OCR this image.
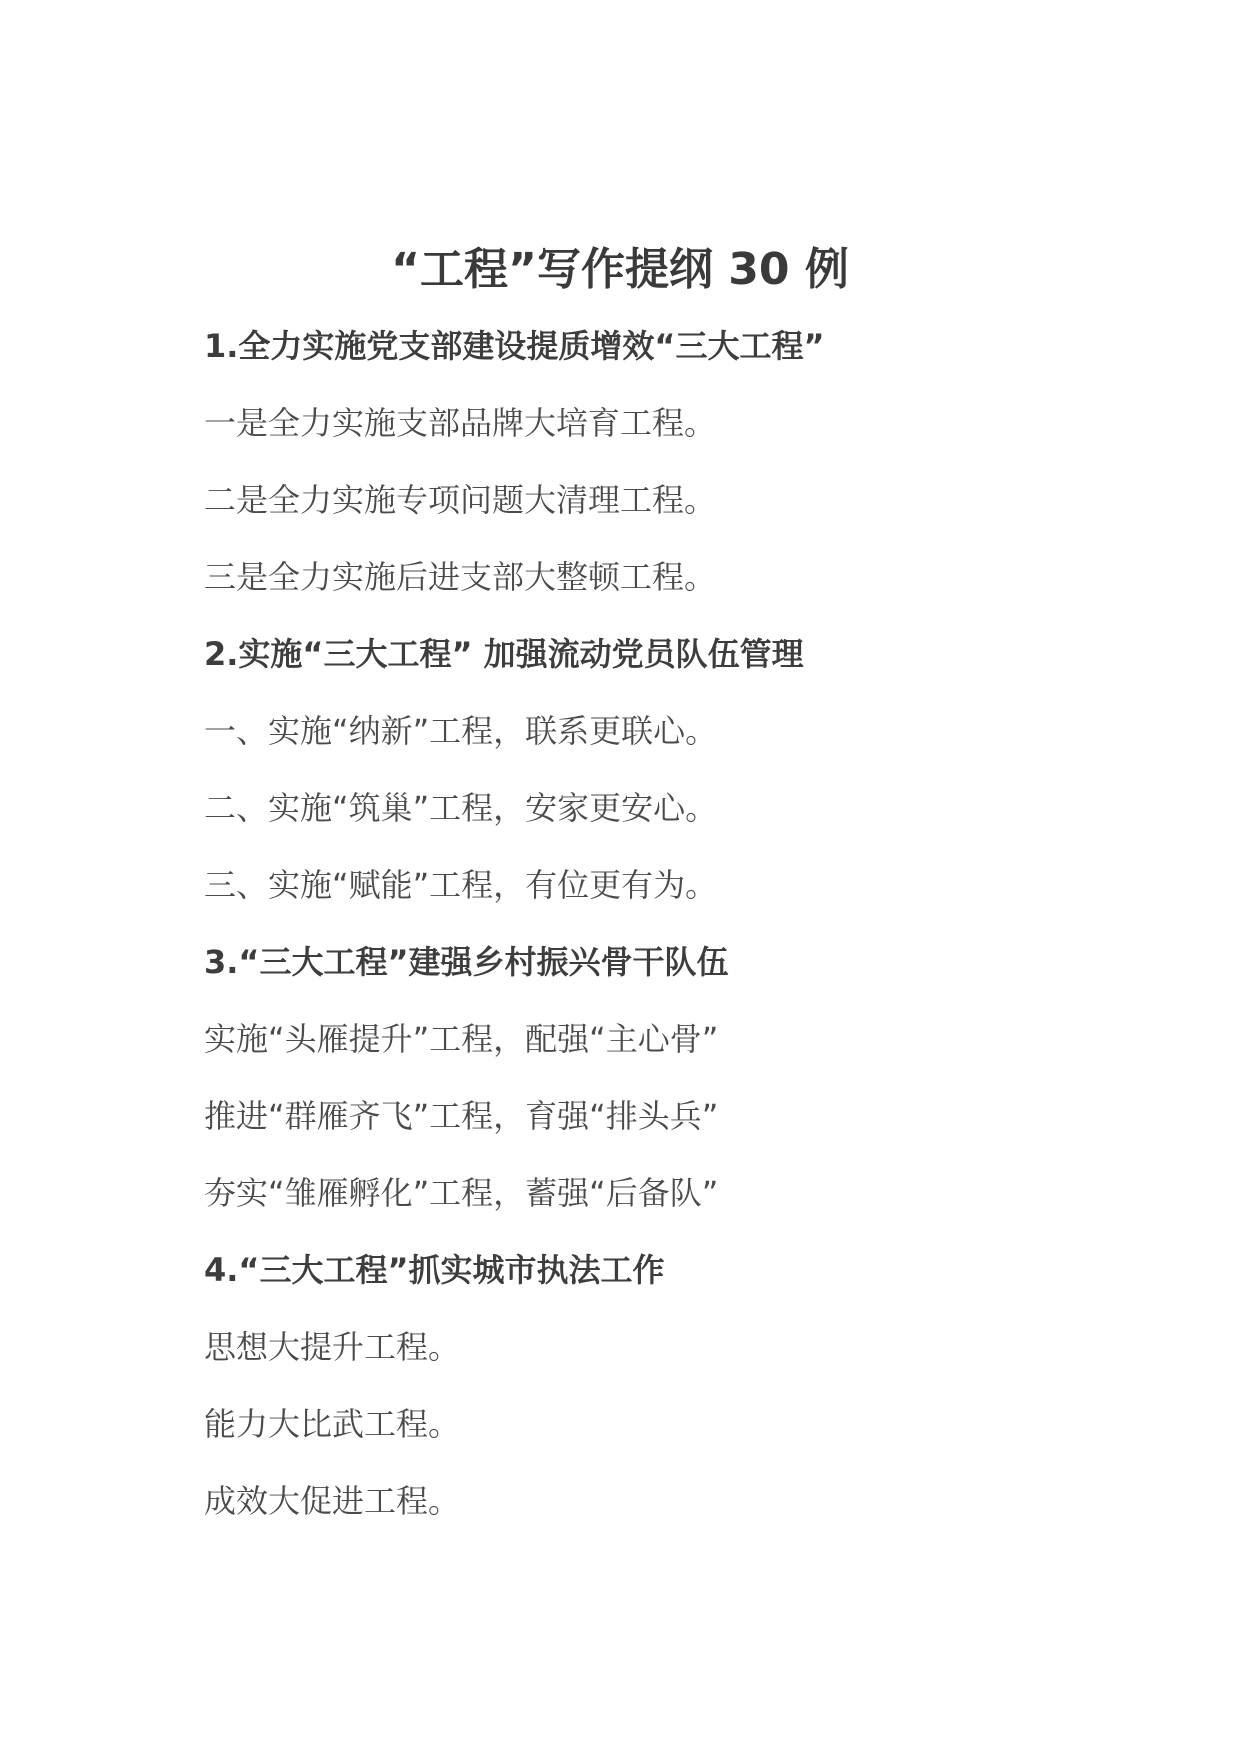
“工程”写作提纲 30 例
1.全力实施党支部建设提质增效“三大工程”
一是全力实施支部品牌大培育工程。
二是全力实施专项问题大清理工程。
三是全力实施后进支部大整顿工程。
2.实施“三大工程” 加强流动党员队伍管理
一、实施“纳新”工程，联系更联心。
二、实施“筑巢”工程，安家更安心。
三、实施“赋能”工程，有位更有为。
3.“三大工程”建强乡村振兴骨干队伍
实施“头雁提升”工程，配强“主心骨”
推进“群雁齐飞”工程，育强“排头兵”
夯实“雏雁孵化”工程，蓄强“后备队”
4.“三大工程”抓实城市执法工作
思想大提升工程。
能力大比武工程。
成效大促进工程。
